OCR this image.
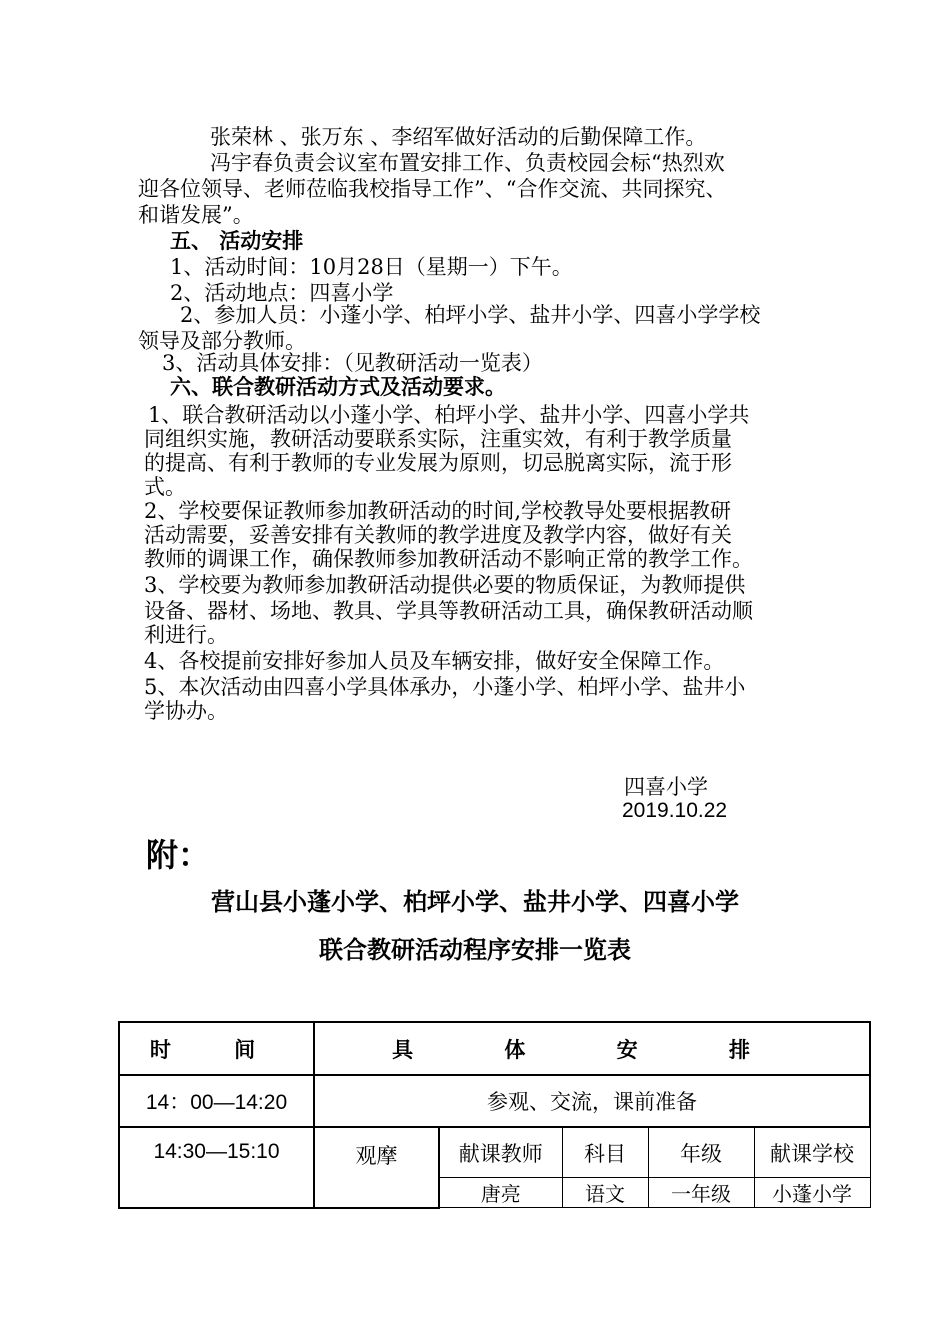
张荣林 、张万东 、李绍军做好活动的后勤保障工作。
冯宇春负责会议室布置安排工作、负责校园会标“热烈欢
迎各位领导、老师莅临我校指导工作”、“合作交流、共同探究、
和谐发展”。
五、 活动安排
1、活动时间：10月28日（星期一）下午。
2、活动地点：四喜小学
2、参加人员：小蓬小学、柏坪小学、盐井小学、四喜小学学校
领导及部分教师。
3、活动具体安排：（见教研活动一览表）
六、联合教研活动方式及活动要求。
1、联合教研活动以小蓬小学、柏坪小学、盐井小学、四喜小学共
同组织实施，教研活动要联系实际，注重实效，有利于教学质量
的提高、有利于教师的专业发展为原则，切忌脱离实际，流于形
式。
2、学校要保证教师参加教研活动的时间,学校教导处要根据教研
活动需要，妥善安排有关教师的教学进度及教学内容，做好有关
教师的调课工作，确保教师参加教研活动不影响正常的教学工作。
3、学校要为教师参加教研活动提供必要的物质保证，为教师提供
设备、器材、场地、教具、学具等教研活动工具，确保教研活动顺
利进行。
4、各校提前安排好参加人员及车辆安排，做好安全保障工作。
5、本次活动由四喜小学具体承办，小蓬小学、柏坪小学、盐井小
学协办。
四喜小学
2019.10.22
附：
营山县小蓬小学、柏坪小学、盐井小学、四喜小学
联合教研活动程序安排一览表
时 间	具 体 安 排				
14：00—14:20	参观、交流，课前准备				
14:30—15:10	观摩	献课教师	科目	年级	献课学校
		唐亮	语文	一年级	小蓬小学
